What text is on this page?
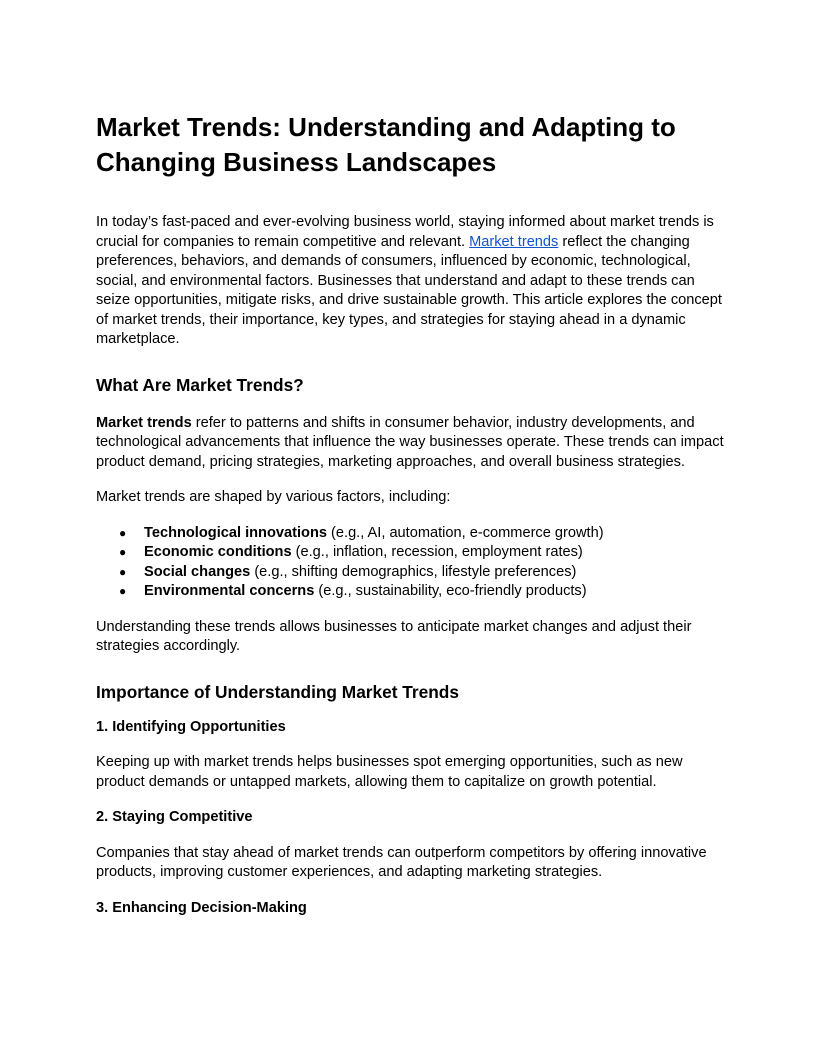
Market Trends: Understanding and Adapting to Changing Business Landscapes

In today’s fast-paced and ever-evolving business world, staying informed about market trends is crucial for companies to remain competitive and relevant. Market trends reflect the changing preferences, behaviors, and demands of consumers, influenced by economic, technological, social, and environmental factors. Businesses that understand and adapt to these trends can seize opportunities, mitigate risks, and drive sustainable growth. This article explores the concept of market trends, their importance, key types, and strategies for staying ahead in a dynamic marketplace.

What Are Market Trends?

Market trends refer to patterns and shifts in consumer behavior, industry developments, and technological advancements that influence the way businesses operate. These trends can impact product demand, pricing strategies, marketing approaches, and overall business strategies.

Market trends are shaped by various factors, including:

● Technological innovations (e.g., AI, automation, e-commerce growth)
● Economic conditions (e.g., inflation, recession, employment rates)
● Social changes (e.g., shifting demographics, lifestyle preferences)
● Environmental concerns (e.g., sustainability, eco-friendly products)

Understanding these trends allows businesses to anticipate market changes and adjust their strategies accordingly.

Importance of Understanding Market Trends
1. Identifying Opportunities

Keeping up with market trends helps businesses spot emerging opportunities, such as new product demands or untapped markets, allowing them to capitalize on growth potential.

2. Staying Competitive

Companies that stay ahead of market trends can outperform competitors by offering innovative products, improving customer experiences, and adapting marketing strategies.

3. Enhancing Decision-Making
